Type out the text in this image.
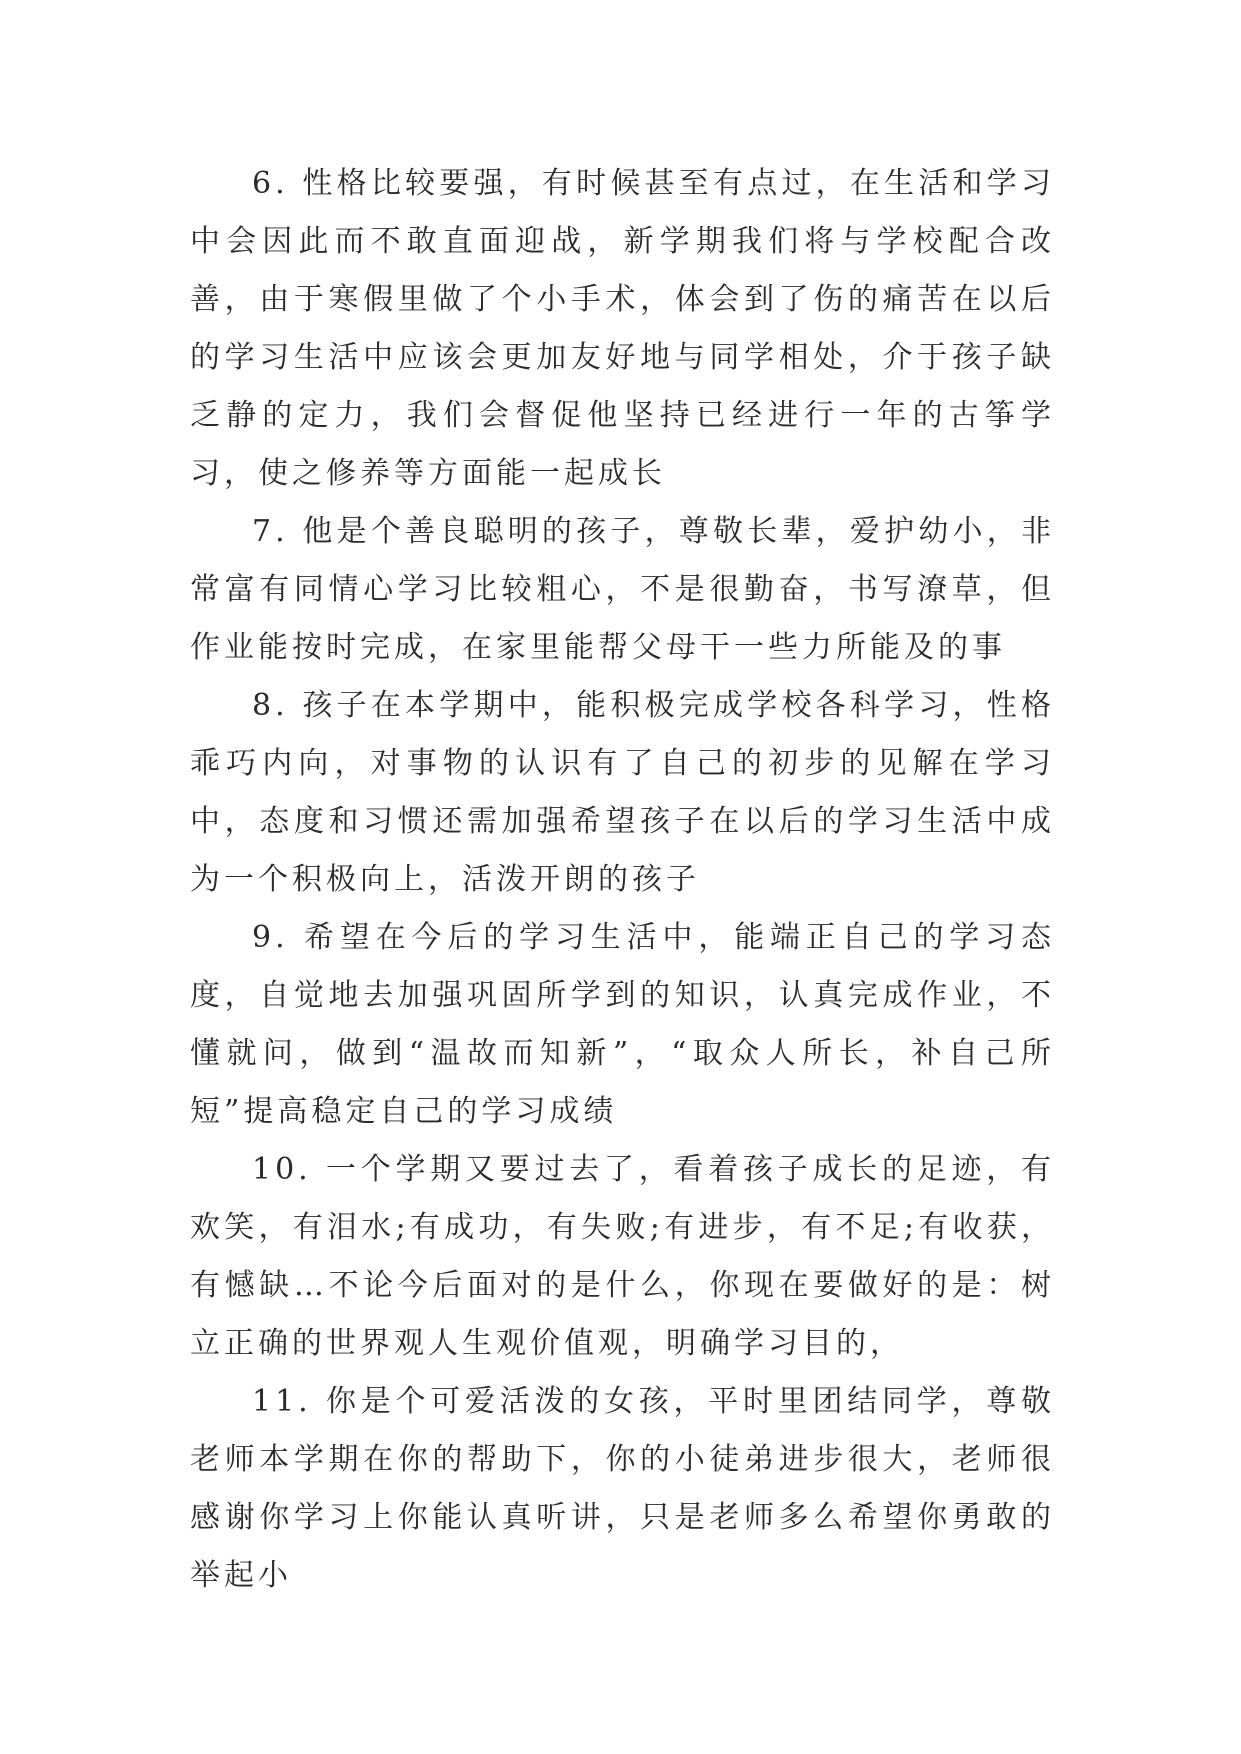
6. 性格比较要强，有时候甚至有点过，在生活和学习中会因此而不敢直面迎战，新学期我们将与学校配合改善，由于寒假里做了个小手术，体会到了伤的痛苦在以后的学习生活中应该会更加友好地与同学相处，介于孩子缺乏静的定力，我们会督促他坚持已经进行一年的古筝学习，使之修养等方面能一起成长

7. 他是个善良聪明的孩子，尊敬长辈，爱护幼小，非常富有同情心学习比较粗心，不是很勤奋，书写潦草，但作业能按时完成，在家里能帮父母干一些力所能及的事

8. 孩子在本学期中，能积极完成学校各科学习，性格乖巧内向，对事物的认识有了自己的初步的见解在学习中，态度和习惯还需加强希望孩子在以后的学习生活中成为一个积极向上，活泼开朗的孩子

9. 希望在今后的学习生活中，能端正自己的学习态度，自觉地去加强巩固所学到的知识，认真完成作业，不懂就问，做到“温故而知新”，“取众人所长，补自己所短”提高稳定自己的学习成绩

10. 一个学期又要过去了，看着孩子成长的足迹，有欢笑，有泪水;有成功，有失败;有进步，有不足;有收获，有憾缺…不论今后面对的是什么，你现在要做好的是：树立正确的世界观人生观价值观，明确学习目的，

11. 你是个可爱活泼的女孩，平时里团结同学，尊敬老师本学期在你的帮助下，你的小徒弟进步很大，老师很感谢你学习上你能认真听讲，只是老师多么希望你勇敢的举起小
